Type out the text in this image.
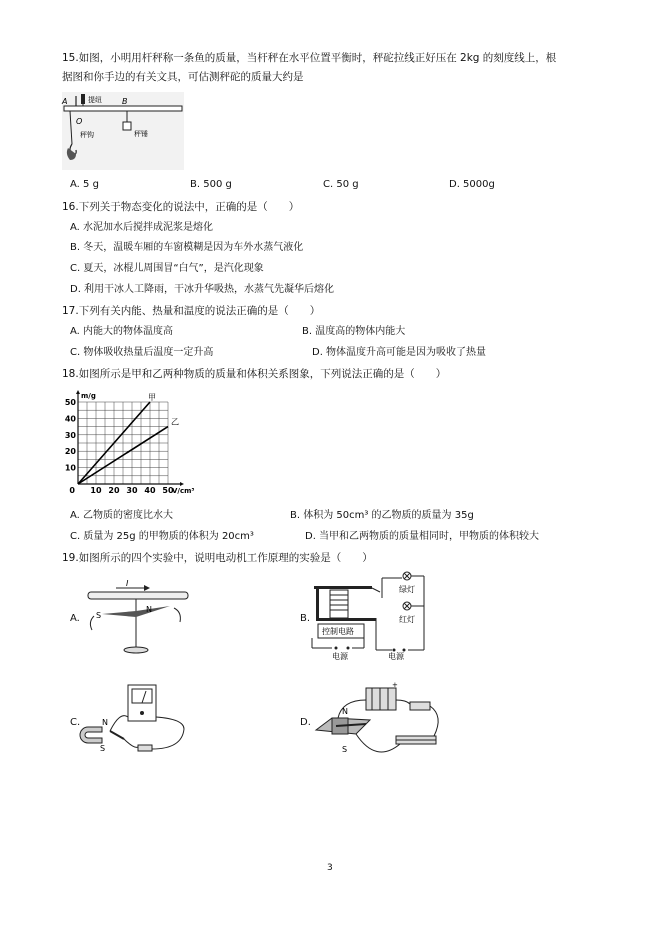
15.如图，小明用杆秤称一条鱼的质量，当杆秤在水平位置平衡时，秤砣拉线正好压在 2kg 的刻度线上，根
据图和你手边的有关文具，可估测秤砣的质量大约是
A	B
O
提纽
秤钩	秤锤
A. 5 g	B. 500 g	C. 50 g	D. 5000g
16.下列关于物态变化的说法中，正确的是（　　）
A. 水泥加水后搅拌成泥浆是熔化
B. 冬天，温暖车厢的车窗模糊是因为车外水蒸气液化
C. 夏天，冰棍儿周围冒“白气”，是汽化现象
D. 利用干冰人工降雨，干冰升华吸热，水蒸气先凝华后熔化
17.下列有关内能、热量和温度的说法正确的是（　　）
A. 内能大的物体温度高	B. 温度高的物体内能大
C. 物体吸收热量后温度一定升高	D. 物体温度升高可能是因为吸收了热量
18.如图所示是甲和乙两种物质的质量和体积关系图象，下列说法正确的是（　　）
10 20 30 40 50
10
20
30
40
50
0	V/cm³
m/g	甲
乙
A. 乙物质的密度比水大	B. 体积为 50cm³ 的乙物质的质量为 35g
C. 质量为 25g 的甲物质的体积为 20cm³	D. 当甲和乙两物质的质量相同时，甲物质的体积较大
19.如图所示的四个实验中，说明电动机工作原理的实验是（　　）
A.
I
S
N
B.
绿灯
红灯
控制电路
电源	电源
C.	N
S
D.
+
N
S
3
